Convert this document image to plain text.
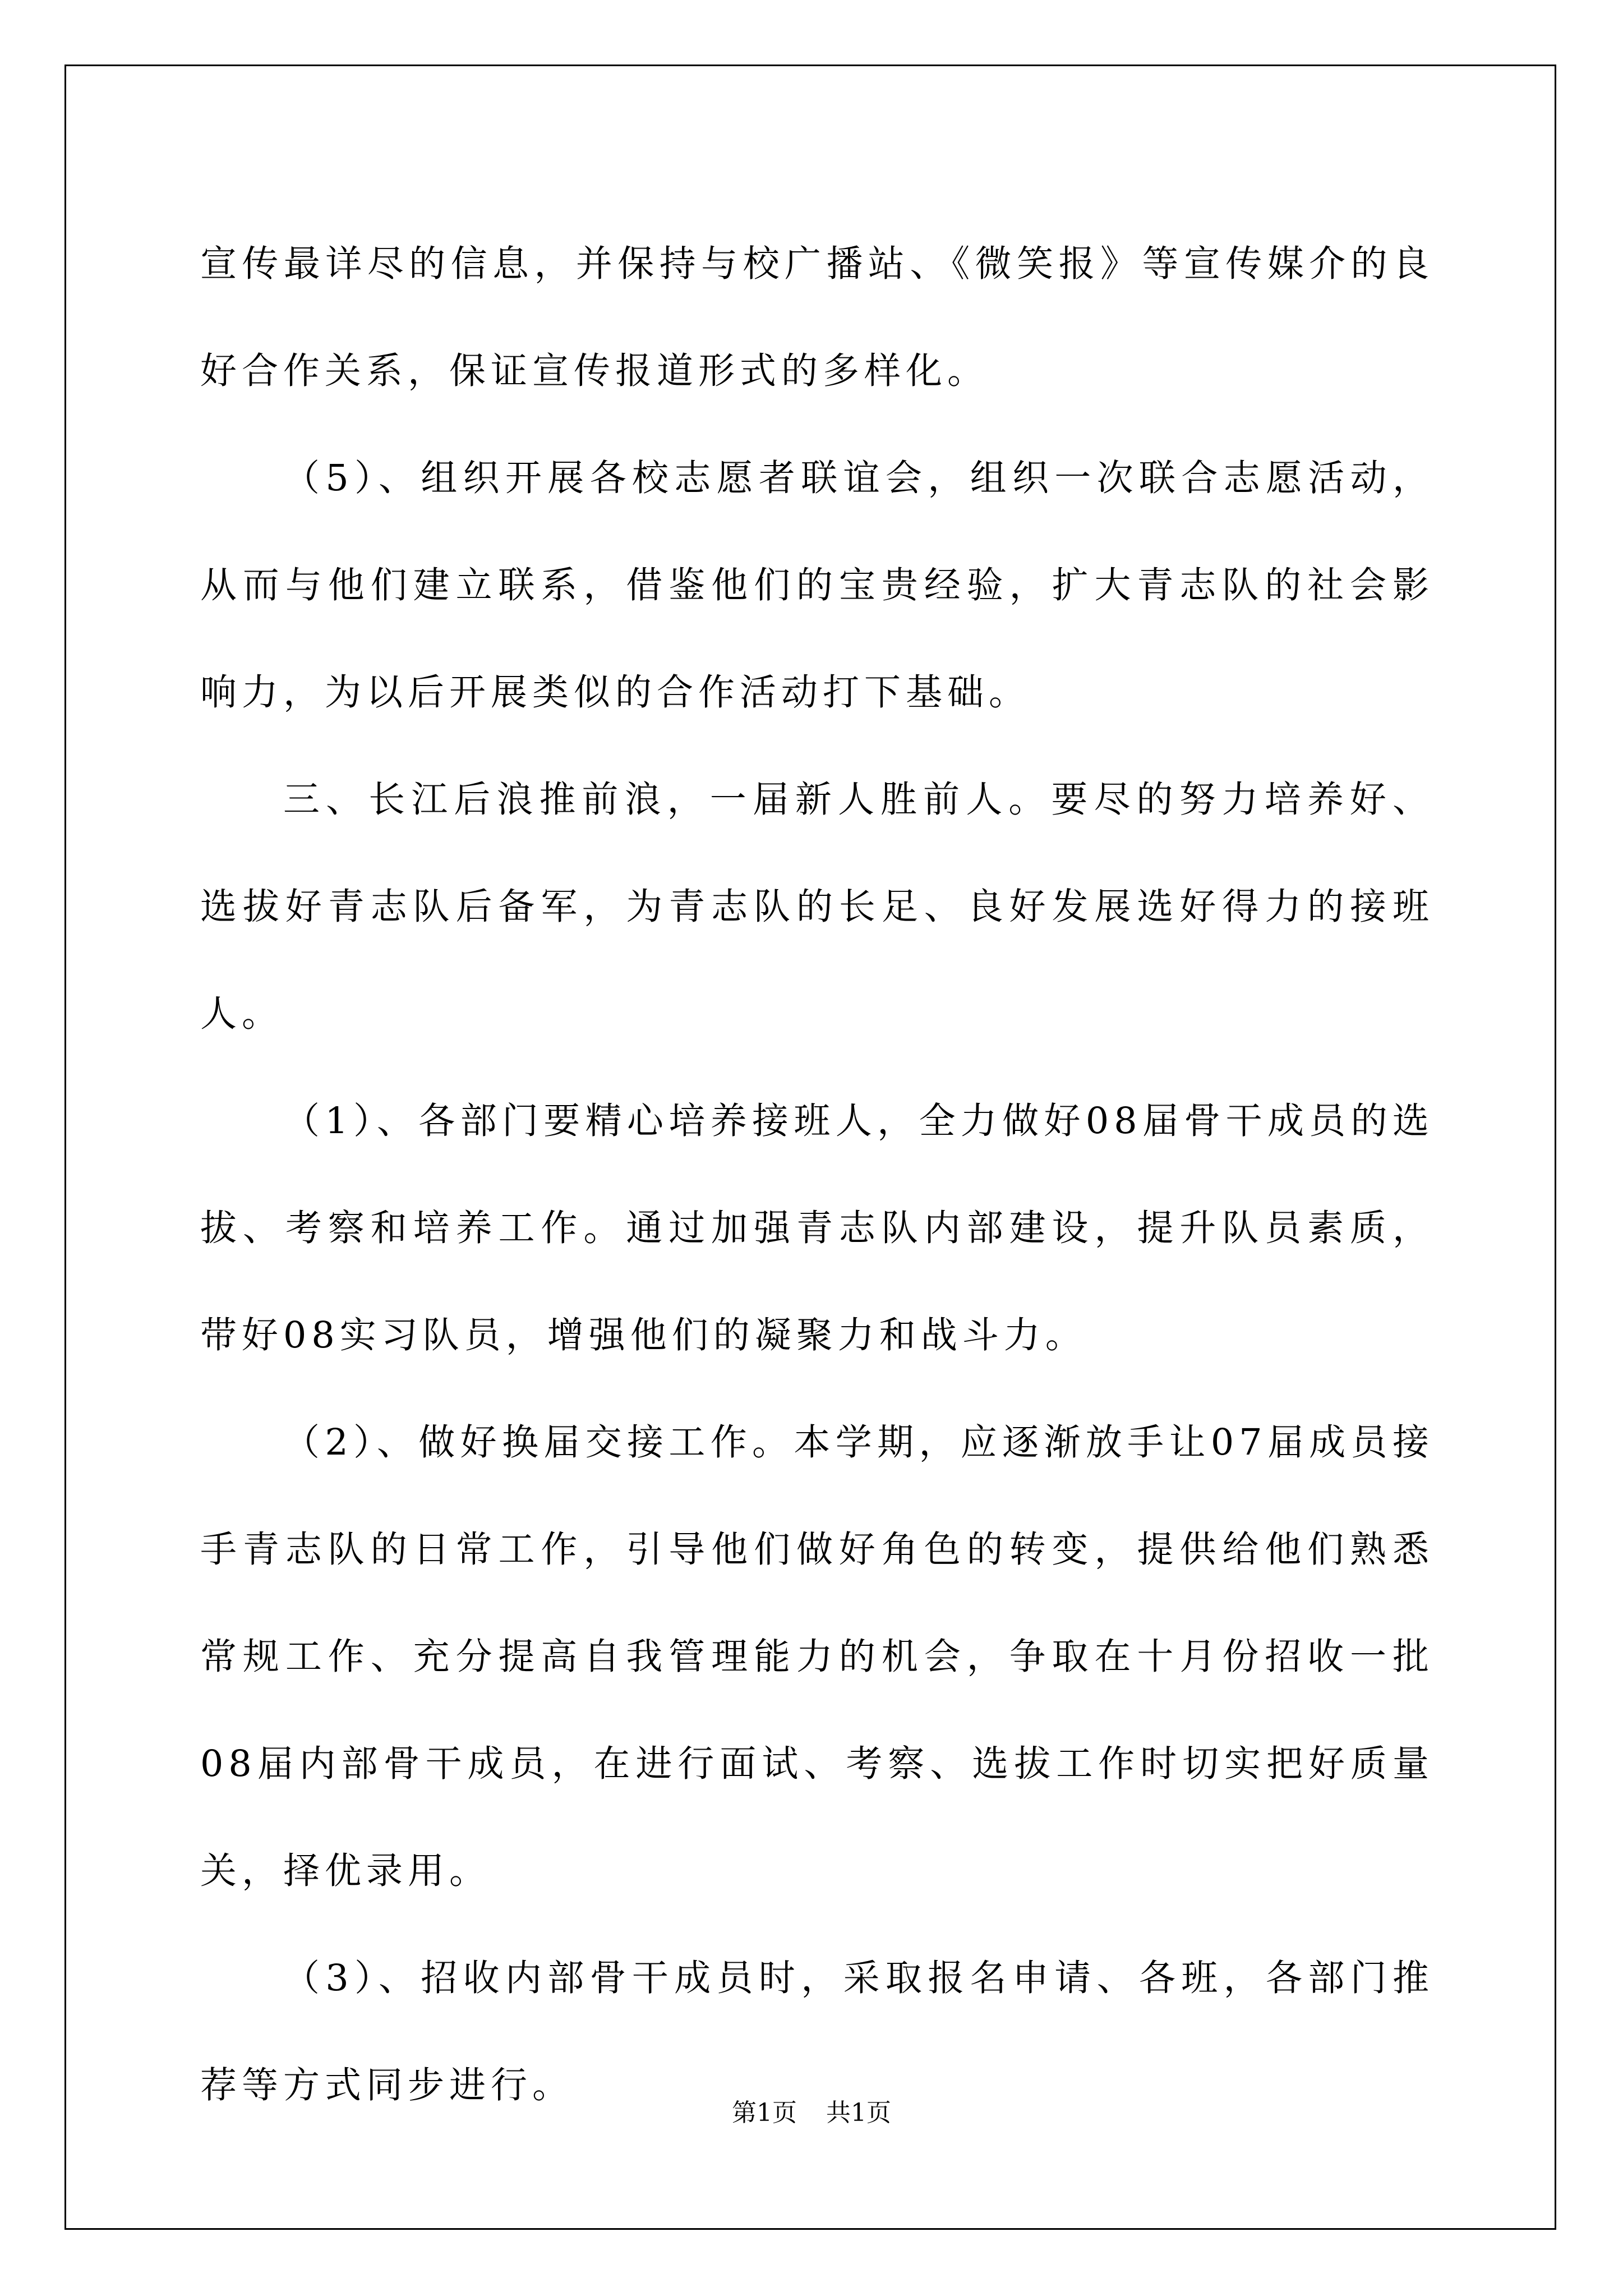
宣传最详尽的信息，并保持与校广播站、《微笑报》等宣传媒介的良好合作关系，保证宣传报道形式的多样化。

（5）、组织开展各校志愿者联谊会，组织一次联合志愿活动，从而与他们建立联系，借鉴他们的宝贵经验，扩大青志队的社会影响力，为以后开展类似的合作活动打下基础。

三、长江后浪推前浪，一届新人胜前人。要尽的努力培养好、选拔好青志队后备军，为青志队的长足、良好发展选好得力的接班人。

（1）、各部门要精心培养接班人，全力做好08届骨干成员的选拔、考察和培养工作。通过加强青志队内部建设，提升队员素质，带好08实习队员，增强他们的凝聚力和战斗力。

（2）、做好换届交接工作。本学期，应逐渐放手让07届成员接手青志队的日常工作，引导他们做好角色的转变，提供给他们熟悉常规工作、充分提高自我管理能力的机会，争取在十月份招收一批08届内部骨干成员，在进行面试、考察、选拔工作时切实把好质量关，择优录用。

（3）、招收内部骨干成员时，采取报名申请、各班，各部门推荐等方式同步进行。

第1页 共1页
